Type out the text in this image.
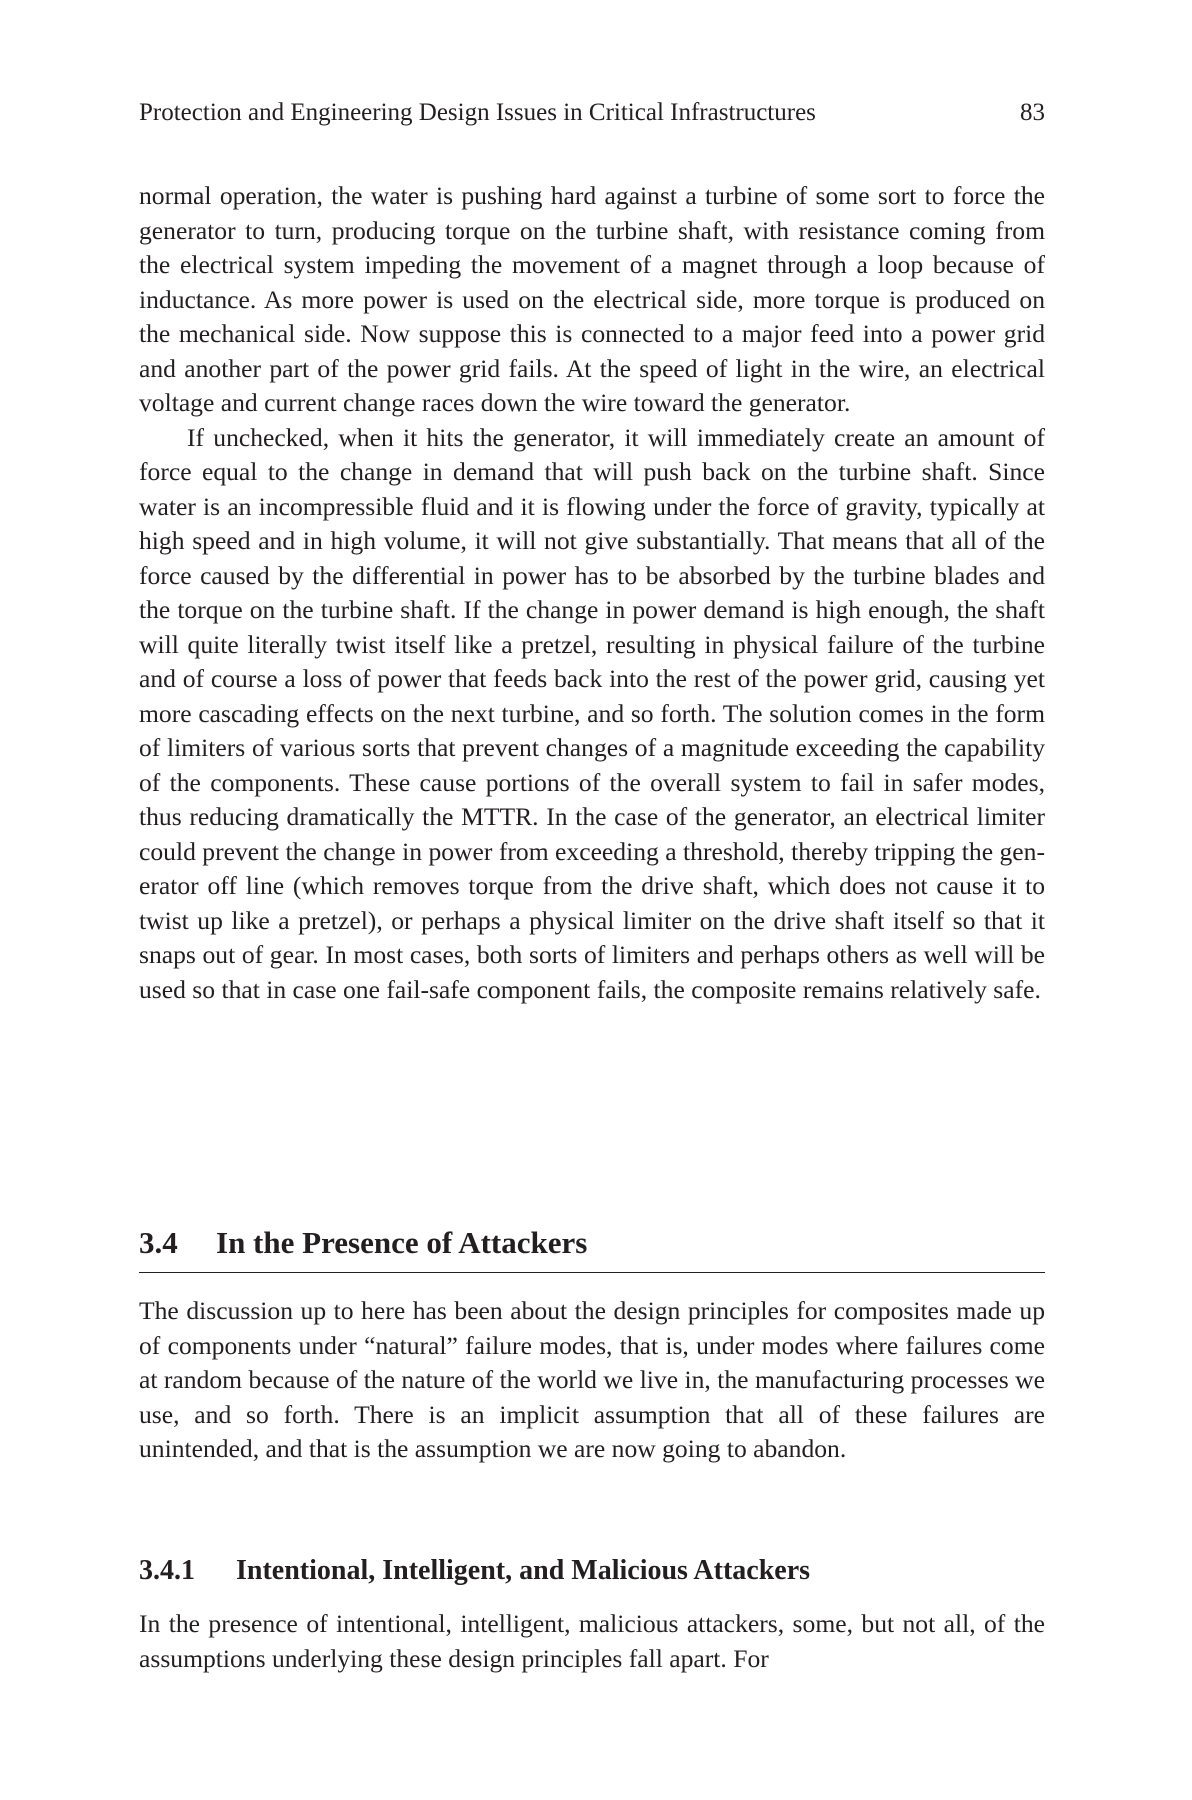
Protection and Engineering Design Issues in Critical Infrastructures	83

normal operation, the water is pushing hard against a turbine of some sort to force the generator to turn, producing torque on the turbine shaft, with resistance coming from the electrical system impeding the movement of a magnet through a loop because of inductance. As more power is used on the electrical side, more torque is produced on the mechanical side. Now suppose this is connected to a major feed into a power grid and another part of the power grid fails. At the speed of light in the wire, an electrical voltage and current change races down the wire toward the generator.

If unchecked, when it hits the generator, it will immediately create an amount of force equal to the change in demand that will push back on the turbine shaft. Since water is an incompressible fluid and it is flowing under the force of gravity, typically at high speed and in high volume, it will not give substantially. That means that all of the force caused by the differential in power has to be absorbed by the turbine blades and the torque on the turbine shaft. If the change in power demand is high enough, the shaft will quite literally twist itself like a pretzel, resulting in physical failure of the turbine and of course a loss of power that feeds back into the rest of the power grid, causing yet more cascading effects on the next turbine, and so forth. The solution comes in the form of limiters of various sorts that prevent changes of a magnitude exceeding the capability of the components. These cause portions of the overall system to fail in safer modes, thus reducing dramatically the MTTR. In the case of the generator, an electrical limiter could prevent the change in power from exceeding a threshold, thereby tripping the generator off line (which removes torque from the drive shaft, which does not cause it to twist up like a pretzel), or perhaps a physical limiter on the drive shaft itself so that it snaps out of gear. In most cases, both sorts of limiters and perhaps others as well will be used so that in case one fail-safe component fails, the composite remains relatively safe.

3.4	In the Presence of Attackers

The discussion up to here has been about the design principles for composites made up of components under “natural” failure modes, that is, under modes where failures come at random because of the nature of the world we live in, the manufacturing processes we use, and so forth. There is an implicit assumption that all of these failures are unintended, and that is the assumption we are now going to abandon.

3.4.1	Intentional, Intelligent, and Malicious Attackers

In the presence of intentional, intelligent, malicious attackers, some, but not all, of the assumptions underlying these design principles fall apart. For
